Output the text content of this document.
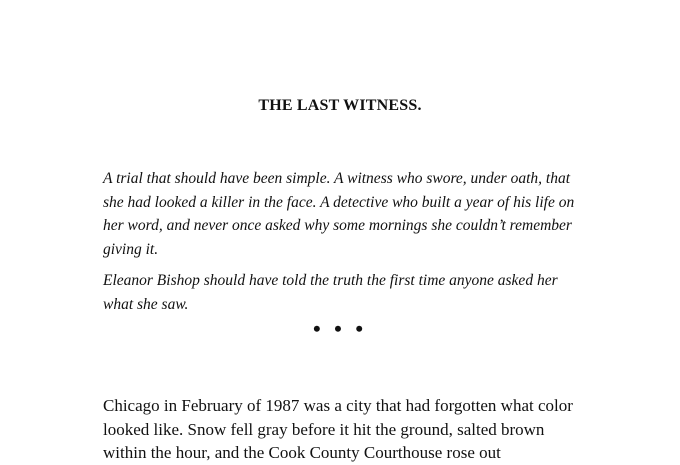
THE LAST WITNESS.

A trial that should have been simple. A witness who swore, under oath, that she had looked a killer in the face. A detective who built a year of his life on her word, and never once asked why some mornings she couldn’t remember giving it.

Eleanor Bishop should have told the truth the first time anyone asked her what she saw.

• • •

Chicago in February of 1987 was a city that had forgotten what color looked like. Snow fell gray before it hit the ground, salted brown within the hour, and the Cook County Courthouse rose out
